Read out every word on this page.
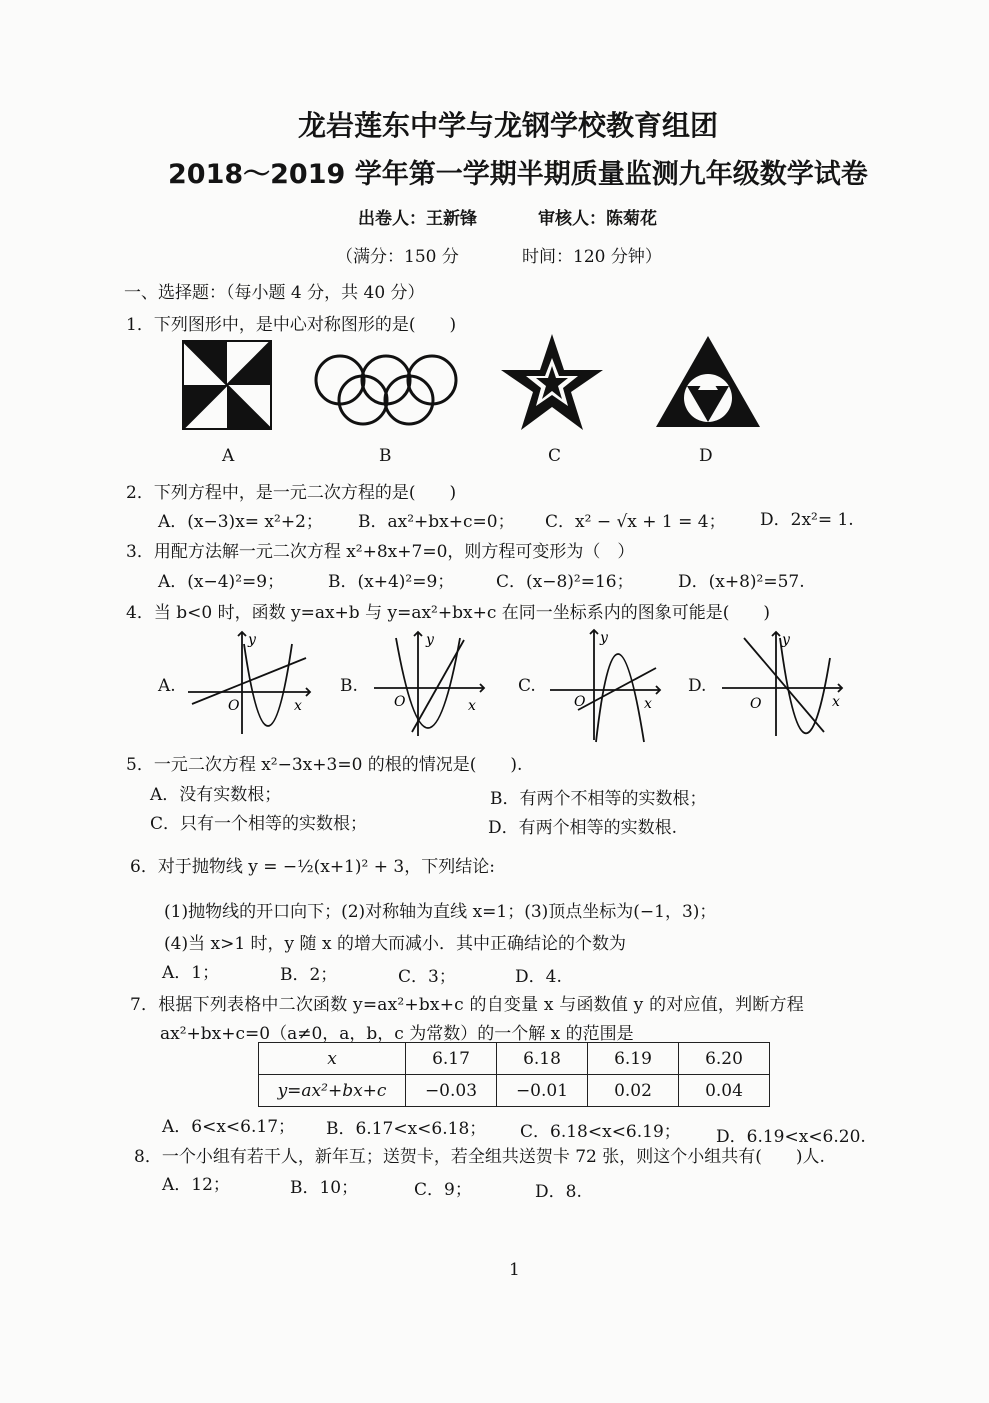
龙岩莲东中学与龙钢学校教育组团
2018～2019 学年第一学期半期质量监测九年级数学试卷
出卷人：王新锋	审核人：陈菊花
（满分：150 分	时间：120 分钟）
一、选择题：（每小题 4 分，共 40 分）
1．下列图形中，是中心对称图形的是(　　)
A	B	C	D
2．下列方程中，是一元二次方程的是(　　)
A．(x−3)x= x²+2； B．ax²+bx+c=0； C．x² − √x + 1 = 4； D．2x²= 1.
3．用配方法解一元二次方程 x²+8x+7=0，则方程可变形为（　）
A．(x−4)²=9；	B．(x+4)²=9； C．(x−8)²=16；	D．(x+8)²=57.
4．当 b<0 时，函数 y=ax+b 与 y=ax²+bx+c 在同一坐标系内的图象可能是(　　)
A.
O	x
y
B.
O	x
y
C.
O	x
y
D.
O	x
y
5．一元二次方程 x²−3x+3=0 的根的情况是(　　).
A．没有实数根；	B．有两个不相等的实数根；
C．只有一个相等的实数根；	D．有两个相等的实数根.
6．对于抛物线 y = −½(x+1)² + 3，下列结论:
(1)抛物线的开口向下；(2)对称轴为直线 x=1；(3)顶点坐标为(−1，3)；
(4)当 x>1 时，y 随 x 的增大而减小．其中正确结论的个数为
A．1；	B．2；	C．3；	D．4.
7．根据下列表格中二次函数 y=ax²+bx+c 的自变量 x 与函数值 y 的对应值，判断方程
ax²+bx+c=0（a≠0，a，b，c 为常数）的一个解 x 的范围是
x	6.17	6.18	6.19	6.20
y=ax²+bx+c	−0.03	−0.01	0.02	0.04
A．6<x<6.17； B．6.17<x<6.18； C．6.18<x<6.19； D．6.19<x<6.20.
8．一个小组有若干人，新年互；送贺卡，若全组共送贺卡 72 张，则这个小组共有(　　)人.
A．12；	B．10；	C．9；	D．8.
1
